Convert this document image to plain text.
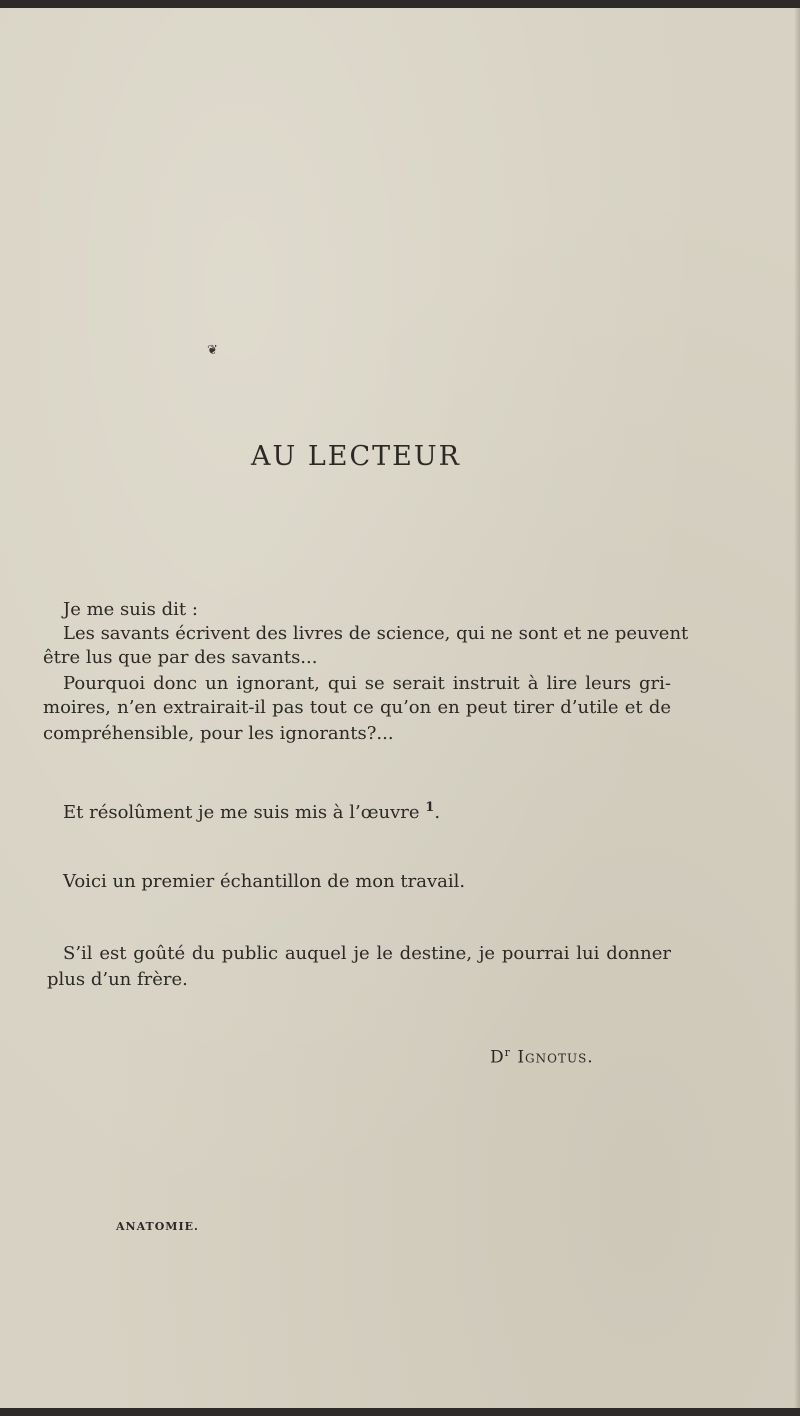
❦
AU LECTEUR
Je me suis dit :
Les savants écrivent des livres de science, qui ne sont et ne peuvent
être lus que par des savants...
Pourquoi donc un ignorant, qui se serait instruit à lire leurs gri-
moires, n’en extrairait-il pas tout ce qu’on en peut tirer d’utile et de
compréhensible, pour les ignorants?...
Et résolûment je me suis mis à l’œuvre $^1$.
Voici un premier échantillon de mon travail.
S’il est goûté du public auquel je le destine, je pourrai lui donner
plus d’un frère.
$D^r$ Ignotus.
ANATOMIE.
